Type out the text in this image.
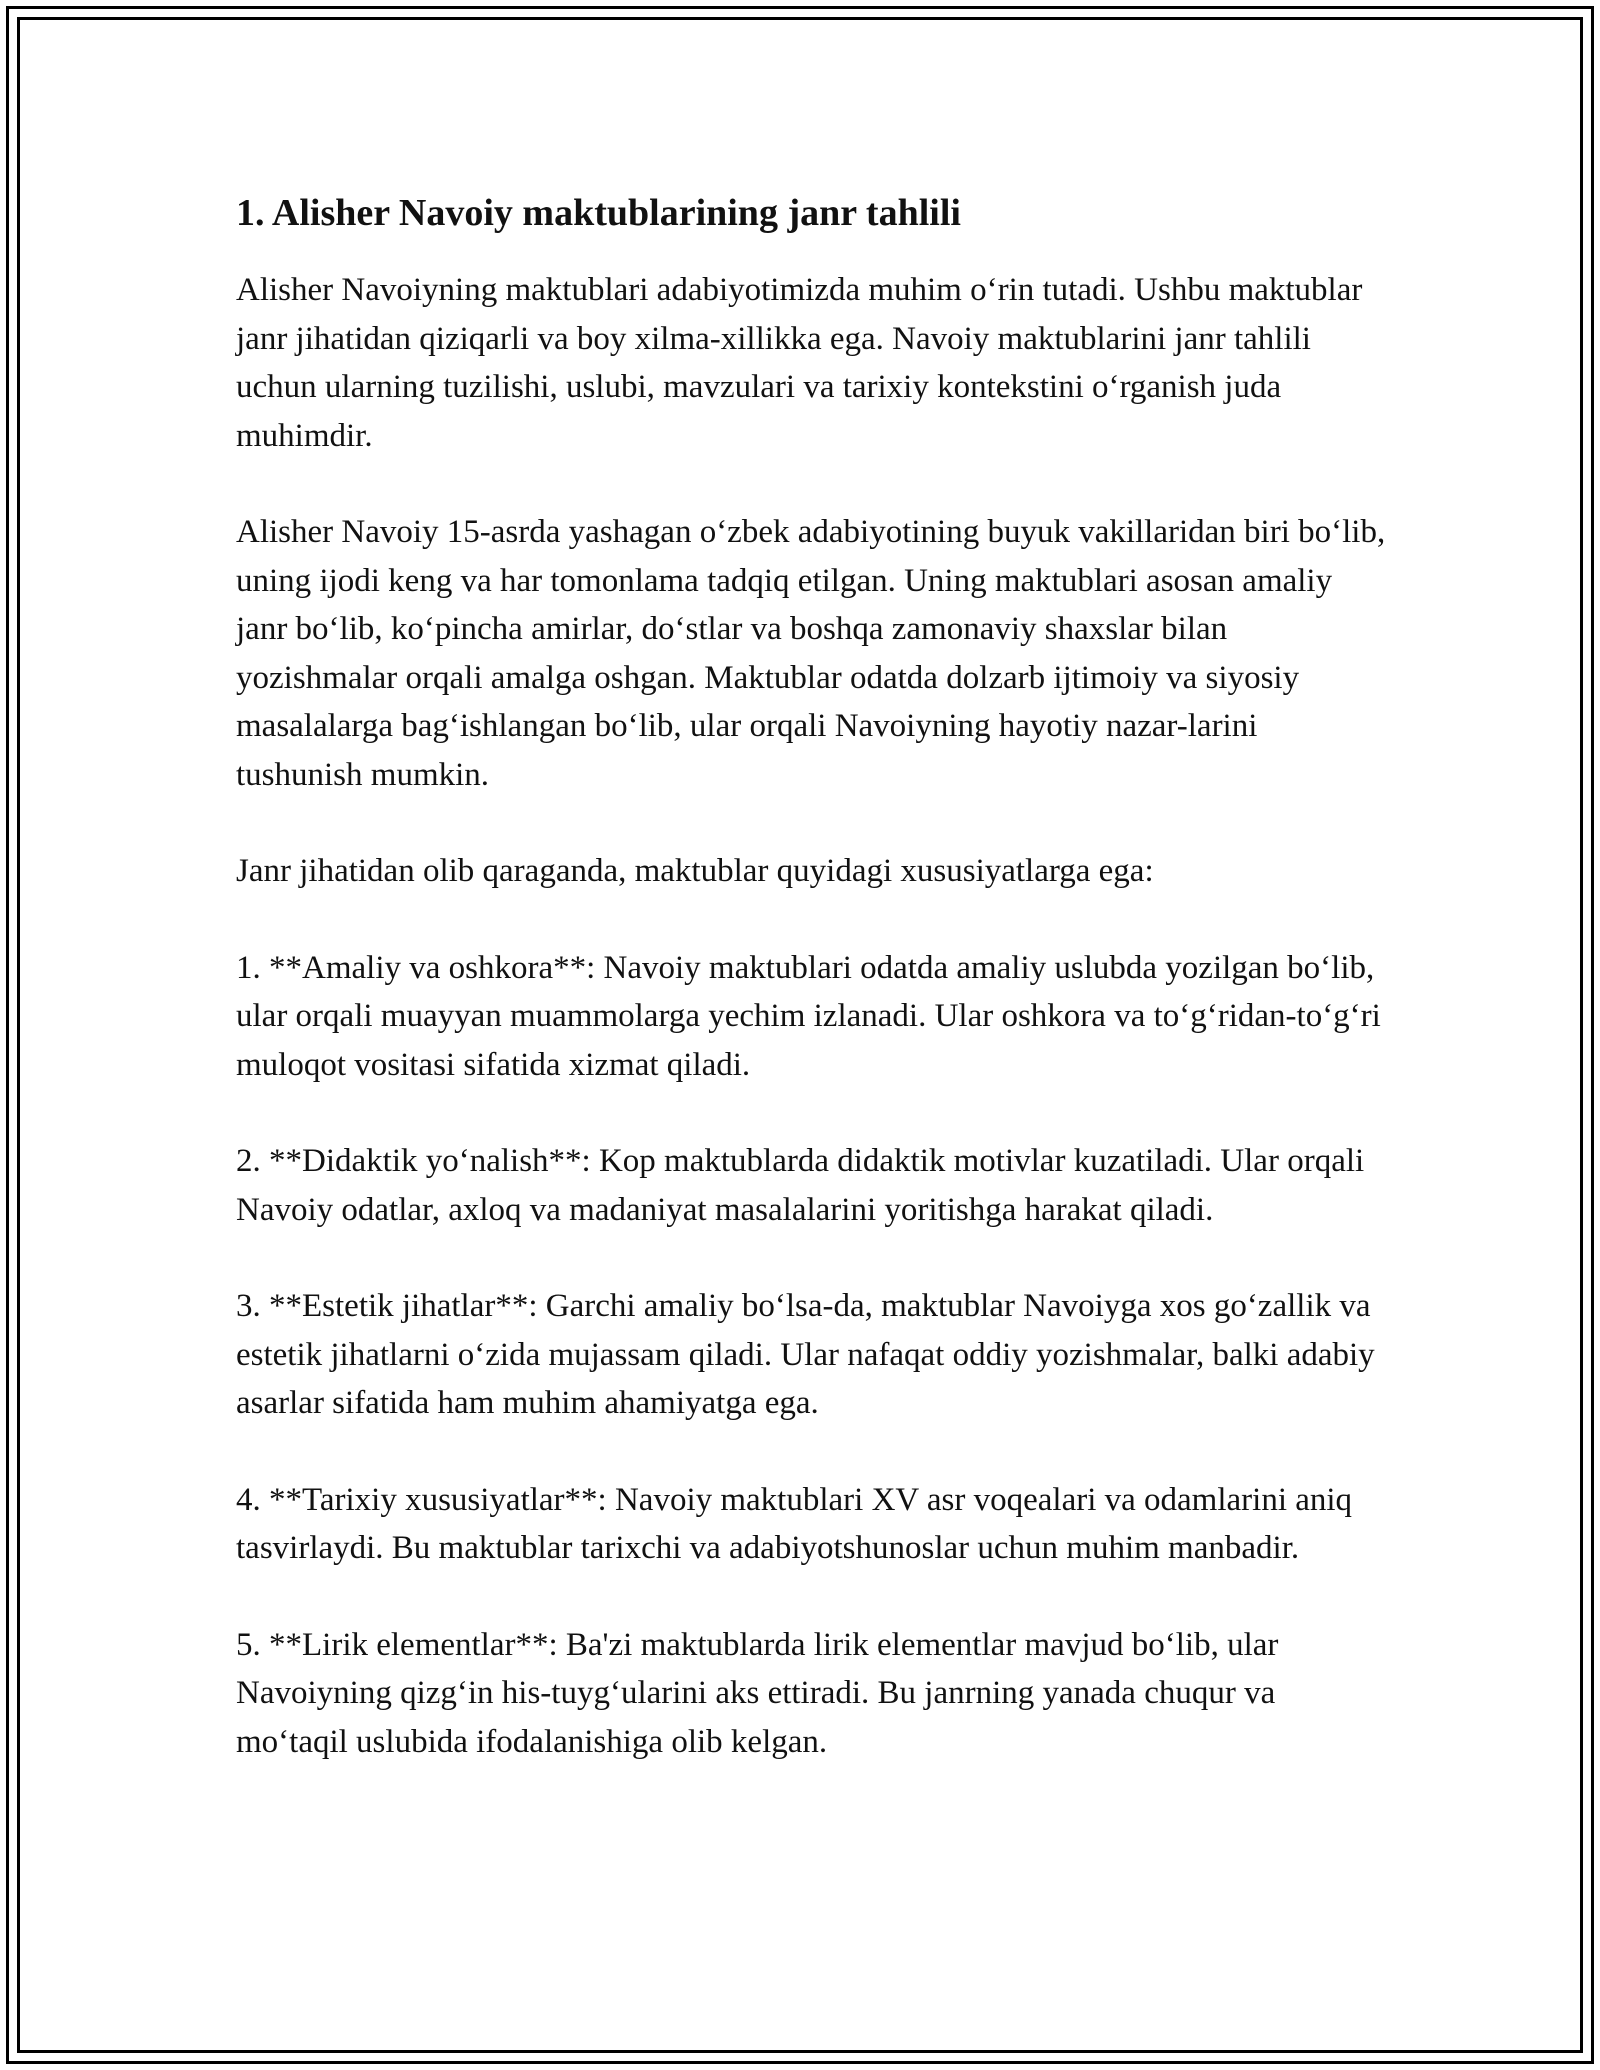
1. Alisher Navoiy maktublarining janr tahlili

Alisher Navoiyning maktublari adabiyotimizda muhim o‘rin tutadi. Ushbu maktublar janr jihatidan qiziqarli va boy xilma-xillikka ega. Navoiy maktublarini janr tahlili uchun ularning tuzilishi, uslubi, mavzulari va tarixiy kontekstini o‘rganish juda muhimdir.

Alisher Navoiy 15-asrda yashagan o‘zbek adabiyotining buyuk vakillaridan biri bo‘lib, uning ijodi keng va har tomonlama tadqiq etilgan. Uning maktublari asosan amaliy janr bo‘lib, ko‘pincha amirlar, do‘stlar va boshqa zamonaviy shaxslar bilan yozishmalar orqali amalga oshgan. Maktublar odatda dolzarb ijtimoiy va siyosiy masalalarga bag‘ishlangan bo‘lib, ular orqali Navoiyning hayotiy nazar-larini tushunish mumkin.

Janr jihatidan olib qaraganda, maktublar quyidagi xususiyatlarga ega:

1. **Amaliy va oshkora**: Navoiy maktublari odatda amaliy uslubda yozilgan bo‘lib, ular orqali muayyan muammolarga yechim izlanadi. Ular oshkora va to‘g‘ridan-to‘g‘ri muloqot vositasi sifatida xizmat qiladi.

2. **Didaktik yo‘nalish**: Kop maktublarda didaktik motivlar kuzatiladi. Ular orqali Navoiy odatlar, axloq va madaniyat masalalarini yoritishga harakat qiladi.

3. **Estetik jihatlar**: Garchi amaliy bo‘lsa-da, maktublar Navoiyga xos go‘zallik va estetik jihatlarni o‘zida mujassam qiladi. Ular nafaqat oddiy yozishmalar, balki adabiy asarlar sifatida ham muhim ahamiyatga ega.

4. **Tarixiy xususiyatlar**: Navoiy maktublari XV asr voqealari va odamlarini aniq tasvirlaydi. Bu maktublar tarixchi va adabiyotshunoslar uchun muhim manbadir.

5. **Lirik elementlar**: Ba'zi maktublarda lirik elementlar mavjud bo‘lib, ular Navoiyning qizg‘in his-tuyg‘ularini aks ettiradi. Bu janrning yanada chuqur va mo‘taqil uslubida ifodalanishiga olib kelgan.
